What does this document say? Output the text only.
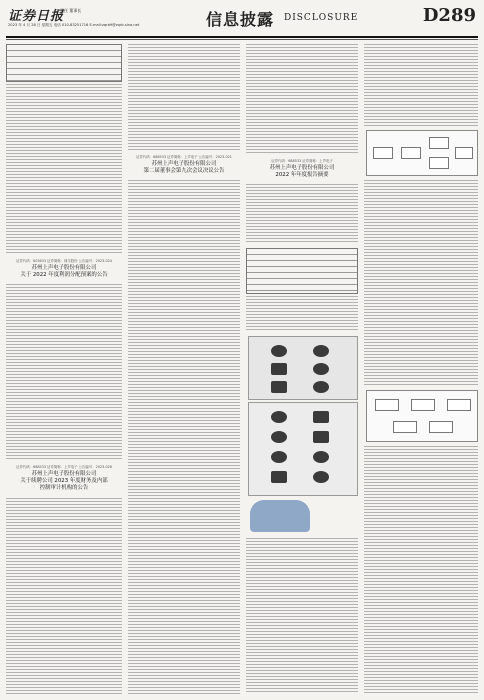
证券日报
责任 董事长
2023 年 4 月 28 日 星期五 电话 010-83251716 E-mail:zqrb9@zqrb.sina.net	信息披露 DISCLOSURE	D289
证券代码：603633 证券简称：徕木股份 公告编号：2023-024
苏州上声电子股份有限公司
关于 2022 年度利润分配预案的公告
证券代码：688533 证券简称：上声电子 公告编号：2023-026
苏州上声电子股份有限公司
关于续聘公司 2023 年度财务及内部
控制审计机构的公告
证券代码：688533 证券简称：上声电子 公告编号：2023-021
苏州上声电子股份有限公司
第二届董事会第九次会议决议公告
证券代码：688533 证券简称：上声电子
苏州上声电子股份有限公司
2022 年年度报告摘要
